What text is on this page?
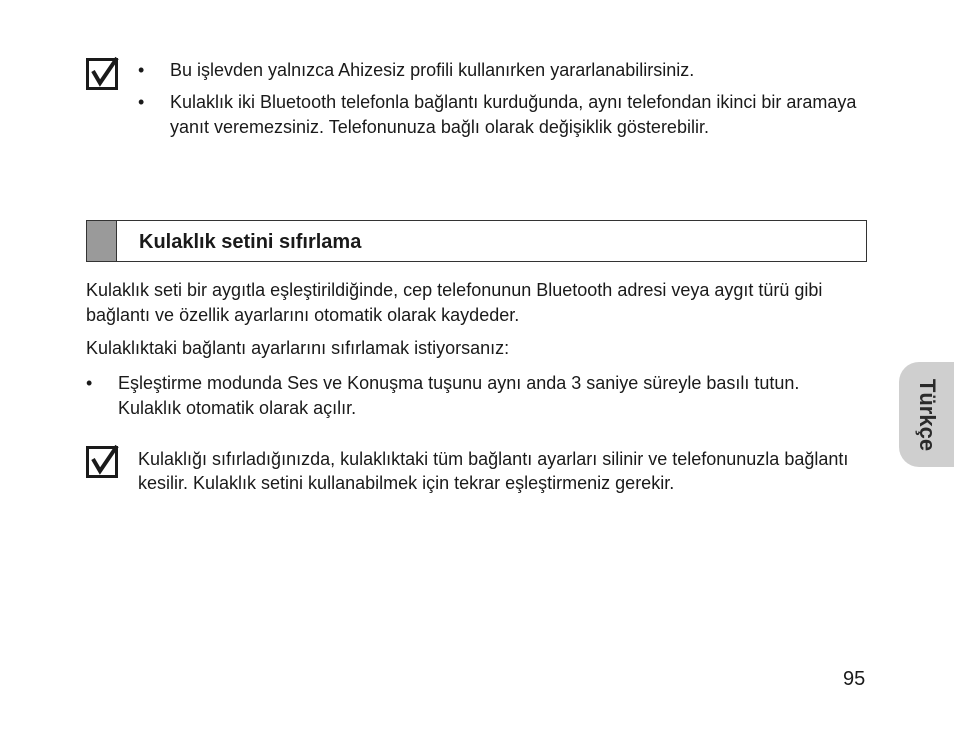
• Bu işlevden yalnızca Ahizesiz profili kullanırken yararlanabilirsiniz.
• Kulaklık iki Bluetooth telefonla bağlantı kurduğunda, aynı telefondan ikinci bir aramaya yanıt veremezsiniz. Telefonunuza bağlı olarak değişiklik gösterebilir.
Kulaklık setini sıfırlama

Kulaklık seti bir aygıtla eşleştirildiğinde, cep telefonunun Bluetooth adresi veya aygıt türü gibi bağlantı ve özellik ayarlarını otomatik olarak kaydeder.

Kulaklıktaki bağlantı ayarlarını sıfırlamak istiyorsanız:

• Eşleştirme modunda Ses ve Konuşma tuşunu aynı anda 3 saniye süreyle basılı tutun. Kulaklık otomatik olarak açılır.

Kulaklığı sıfırladığınızda, kulaklıktaki tüm bağlantı ayarları silinir ve telefonunuzla bağlantı kesilir. Kulaklık setini kullanabilmek için tekrar eşleştirmeniz gerekir.

Türkçe
95
